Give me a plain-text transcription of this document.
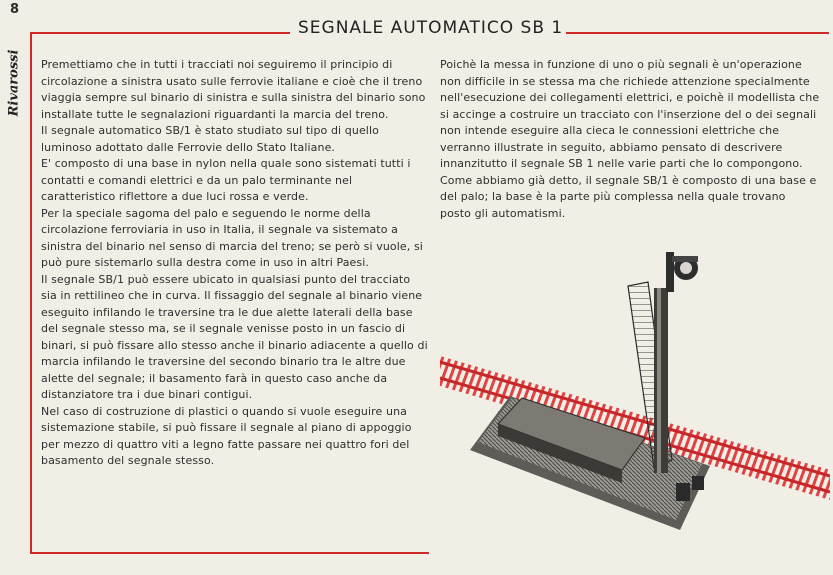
8
Rivarossi
SEGNALE AUTOMATICO SB 1

Premettiamo che in tutti i tracciati noi seguiremo il principio di circolazione a sinistra usato sulle ferrovie italiane e cioè che il treno viaggia sempre sul binario di sinistra e sulla sinistra del binario sono installate tutte le segnalazioni riguardanti la marcia del treno.

Il segnale automatico SB/1 è stato studiato sul tipo di quello luminoso adottato dalle Ferrovie dello Stato Italiane.

E' composto di una base in nylon nella quale sono sistemati tutti i contatti e comandi elettrici e da un palo terminante nel caratteristico riflettore a due luci rossa e verde.

Per la speciale sagoma del palo e seguendo le norme della circolazione ferroviaria in uso in Italia, il segnale va sistemato a sinistra del binario nel senso di marcia del treno; se però si vuole, si può pure sistemarlo sulla destra come in uso in altri Paesi.

Il segnale SB/1 può essere ubicato in qualsiasi punto del tracciato sia in rettilineo che in curva. Il fissaggio del segnale al binario viene eseguito infilando le traversine tra le due alette laterali della base del segnale stesso ma, se il segnale venisse posto in un fascio di binari, si può fissare allo stesso anche il binario adiacente a quello di marcia infilando le traversine del secondo binario tra le altre due alette del segnale; il basamento farà in questo caso anche da distanziatore tra i due binari contigui.

Nel caso di costruzione di plastici o quando si vuole eseguire una sistemazione stabile, si può fissare il segnale al piano di appoggio per mezzo di quattro viti a legno fatte passare nei quattro fori del basamento del segnale stesso.

Poichè la messa in funzione di uno o più segnali è un'operazione non difficile in se stessa ma che richiede attenzione specialmente nell'esecuzione dei collegamenti elettrici, e poichè il modellista che si accinge a costruire un tracciato con l'inserzione del o dei segnali non intende eseguire alla cieca le connessioni elettriche che verranno illustrate in seguito, abbiamo pensato di descrivere innanzitutto il segnale SB 1 nelle varie parti che lo compongono.

Come abbiamo già detto, il segnale SB/1 è composto di una base e del palo; la base è la parte più complessa nella quale trovano posto gli automatismi.
